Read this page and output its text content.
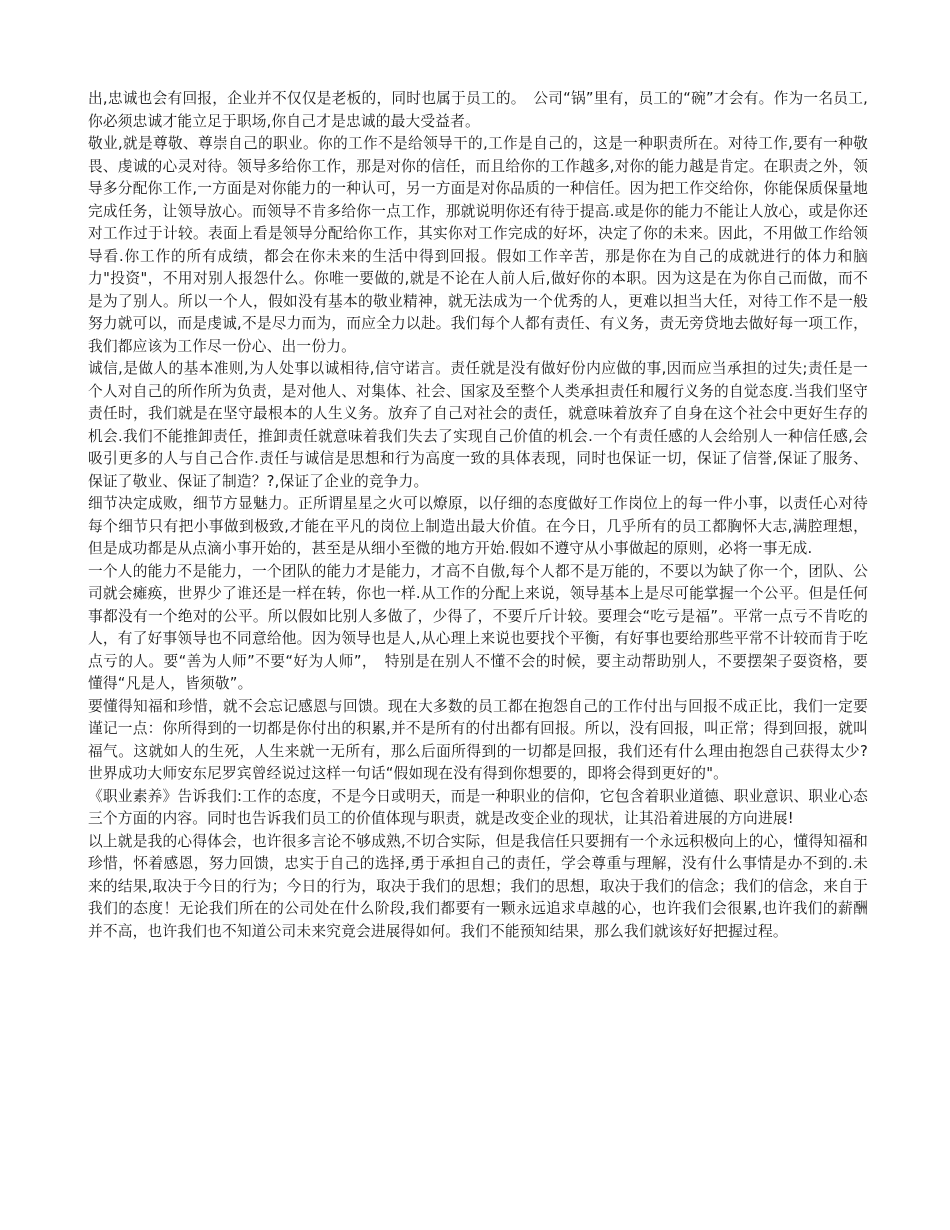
出,忠诚也会有回报，企业并不仅仅是老板的，同时也属于员工的。　公司“锅”里有，员工的“碗”才会有。作为一名员工,你必须忠诚才能立足于职场,你自己才是忠诚的最大受益者。

敬业,就是尊敬、尊崇自己的职业。你的工作不是给领导干的,工作是自己的，这是一种职责所在。对待工作,要有一种敬畏、虔诚的心灵对待。领导多给你工作，那是对你的信任，而且给你的工作越多,对你的能力越是肯定。在职责之外，领导多分配你工作,一方面是对你能力的一种认可，另一方面是对你品质的一种信任。因为把工作交给你，你能保质保量地完成任务，让领导放心。而领导不肯多给你一点工作，那就说明你还有待于提高.或是你的能力不能让人放心，或是你还对工作过于计较。表面上看是领导分配给你工作，其实你对工作完成的好坏，决定了你的未来。因此，不用做工作给领导看.你工作的所有成绩，都会在你未来的生活中得到回报。假如工作辛苦，那是你在为自己的成就进行的体力和脑力"投资"，不用对别人报怨什么。你唯一要做的,就是不论在人前人后,做好你的本职。因为这是在为你自己而做，而不是为了别人。所以一个人，假如没有基本的敬业精神，就无法成为一个优秀的人，更难以担当大任，对待工作不是一般努力就可以，而是虔诚,不是尽力而为，而应全力以赴。我们每个人都有责任、有义务，责无旁贷地去做好每一项工作，我们都应该为工作尽一份心、出一份力。

诚信,是做人的基本准则,为人处事以诚相待,信守诺言。责任就是没有做好份内应做的事,因而应当承担的过失;责任是一个人对自己的所作所为负责，是对他人、对集体、社会、国家及至整个人类承担责任和履行义务的自觉态度.当我们坚守责任时，我们就是在坚守最根本的人生义务。放弃了自己对社会的责任，就意味着放弃了自身在这个社会中更好生存的机会.我们不能推卸责任，推卸责任就意味着我们失去了实现自己价值的机会.一个有责任感的人会给别人一种信任感,会吸引更多的人与自己合作.责任与诚信是思想和行为高度一致的具体表现，同时也保证一切，保证了信誉,保证了服务、保证了敬业、保证了制造？?,保证了企业的竞争力。

细节决定成败，细节方显魅力。正所谓星星之火可以燎原，以仔细的态度做好工作岗位上的每一件小事，以责任心对待每个细节只有把小事做到极致,才能在平凡的岗位上制造出最大价值。在今日，几乎所有的员工都胸怀大志,满腔理想，但是成功都是从点滴小事开始的，甚至是从细小至微的地方开始.假如不遵守从小事做起的原则，必将一事无成.

一个人的能力不是能力，一个团队的能力才是能力，才高不自傲,每个人都不是万能的，不要以为缺了你一个，团队、公司就会瘫痪，世界少了谁还是一样在转，你也一样.从工作的分配上来说，领导基本上是尽可能掌握一个公平。但是任何事都没有一个绝对的公平。所以假如比别人多做了，少得了，不要斤斤计较。要理会“吃亏是福”。平常一点亏不肯吃的人，有了好事领导也不同意给他。因为领导也是人,从心理上来说也要找个平衡，有好事也要给那些平常不计较而肯于吃点亏的人。要“善为人师”不要“好为人师”，　特别是在别人不懂不会的时候，要主动帮助别人，不要摆架子耍资格，要懂得“凡是人，皆须敬”。

要懂得知福和珍惜，就不会忘记感恩与回馈。现在大多数的员工都在抱怨自己的工作付出与回报不成正比，我们一定要谨记一点：你所得到的一切都是你付出的积累,并不是所有的付出都有回报。所以，没有回报，叫正常；得到回报，就叫福气。这就如人的生死，人生来就一无所有，那么后面所得到的一切都是回报，我们还有什么理由抱怨自己获得太少?世界成功大师安东尼罗宾曾经说过这样一句话“假如现在没有得到你想要的，即将会得到更好的"。

《职业素养》告诉我们:工作的态度，不是今日或明天，而是一种职业的信仰，它包含着职业道德、职业意识、职业心态三个方面的内容。同时也告诉我们员工的价值体现与职责，就是改变企业的现状，让其沿着进展的方向进展!

以上就是我的心得体会，也许很多言论不够成熟,不切合实际，但是我信任只要拥有一个永远积极向上的心，懂得知福和珍惜，怀着感恩，努力回馈，忠实于自己的选择,勇于承担自己的责任，学会尊重与理解，没有什么事情是办不到的.未来的结果,取决于今日的行为；今日的行为，取决于我们的思想；我们的思想，取决于我们的信念；我们的信念，来自于我们的态度！无论我们所在的公司处在什么阶段,我们都要有一颗永远追求卓越的心，也许我们会很累,也许我们的薪酬并不高，也许我们也不知道公司未来究竟会进展得如何。我们不能预知结果，那么我们就该好好把握过程。
